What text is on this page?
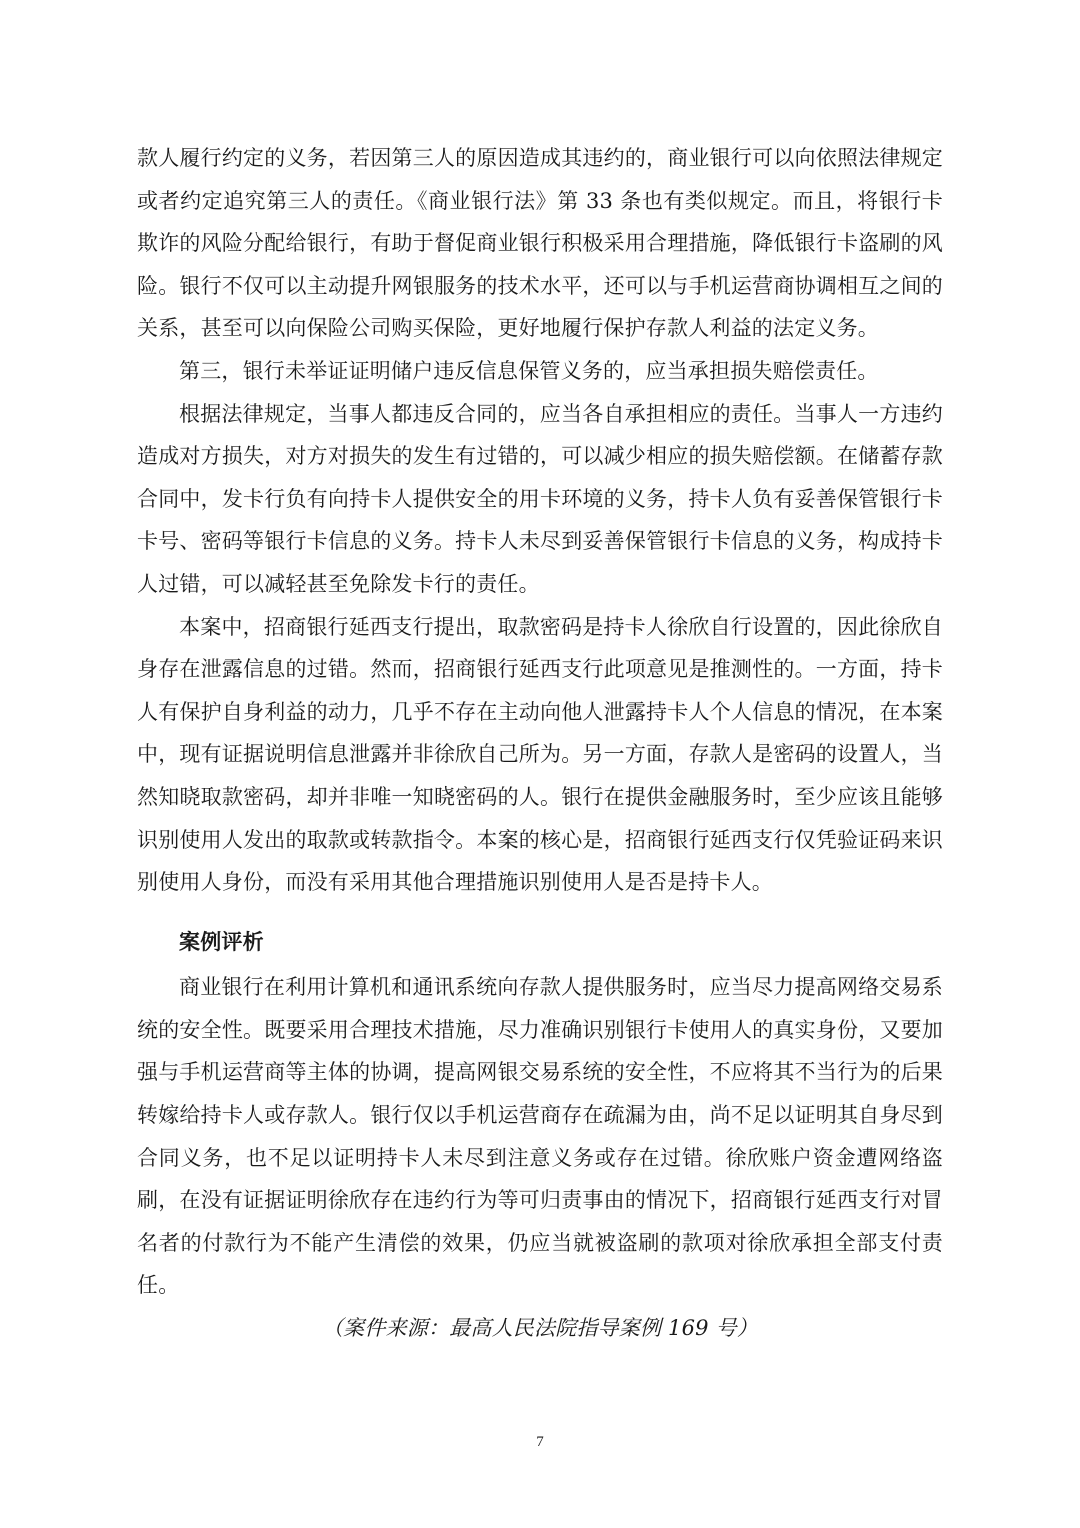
款人履行约定的义务，若因第三人的原因造成其违约的，商业银行可以向依照法律规定或者约定追究第三人的责任。《商业银行法》第 33 条也有类似规定。而且，将银行卡欺诈的风险分配给银行，有助于督促商业银行积极采用合理措施，降低银行卡盗刷的风险。银行不仅可以主动提升网银服务的技术水平，还可以与手机运营商协调相互之间的关系，甚至可以向保险公司购买保险，更好地履行保护存款人利益的法定义务。

第三，银行未举证证明储户违反信息保管义务的，应当承担损失赔偿责任。

根据法律规定，当事人都违反合同的，应当各自承担相应的责任。当事人一方违约造成对方损失，对方对损失的发生有过错的，可以减少相应的损失赔偿额。在储蓄存款合同中，发卡行负有向持卡人提供安全的用卡环境的义务，持卡人负有妥善保管银行卡卡号、密码等银行卡信息的义务。持卡人未尽到妥善保管银行卡信息的义务，构成持卡人过错，可以减轻甚至免除发卡行的责任。

本案中，招商银行延西支行提出，取款密码是持卡人徐欣自行设置的，因此徐欣自身存在泄露信息的过错。然而，招商银行延西支行此项意见是推测性的。一方面，持卡人有保护自身利益的动力，几乎不存在主动向他人泄露持卡人个人信息的情况，在本案中，现有证据说明信息泄露并非徐欣自己所为。另一方面，存款人是密码的设置人，当然知晓取款密码，却并非唯一知晓密码的人。银行在提供金融服务时，至少应该且能够识别使用人发出的取款或转款指令。本案的核心是，招商银行延西支行仅凭验证码来识别使用人身份，而没有采用其他合理措施识别使用人是否是持卡人。

案例评析

商业银行在利用计算机和通讯系统向存款人提供服务时，应当尽力提高网络交易系统的安全性。既要采用合理技术措施，尽力准确识别银行卡使用人的真实身份，又要加强与手机运营商等主体的协调，提高网银交易系统的安全性，不应将其不当行为的后果转嫁给持卡人或存款人。银行仅以手机运营商存在疏漏为由，尚不足以证明其自身尽到合同义务，也不足以证明持卡人未尽到注意义务或存在过错。徐欣账户资金遭网络盗刷，在没有证据证明徐欣存在违约行为等可归责事由的情况下，招商银行延西支行对冒名者的付款行为不能产生清偿的效果，仍应当就被盗刷的款项对徐欣承担全部支付责任。

（案件来源：最高人民法院指导案例 169 号）

7
